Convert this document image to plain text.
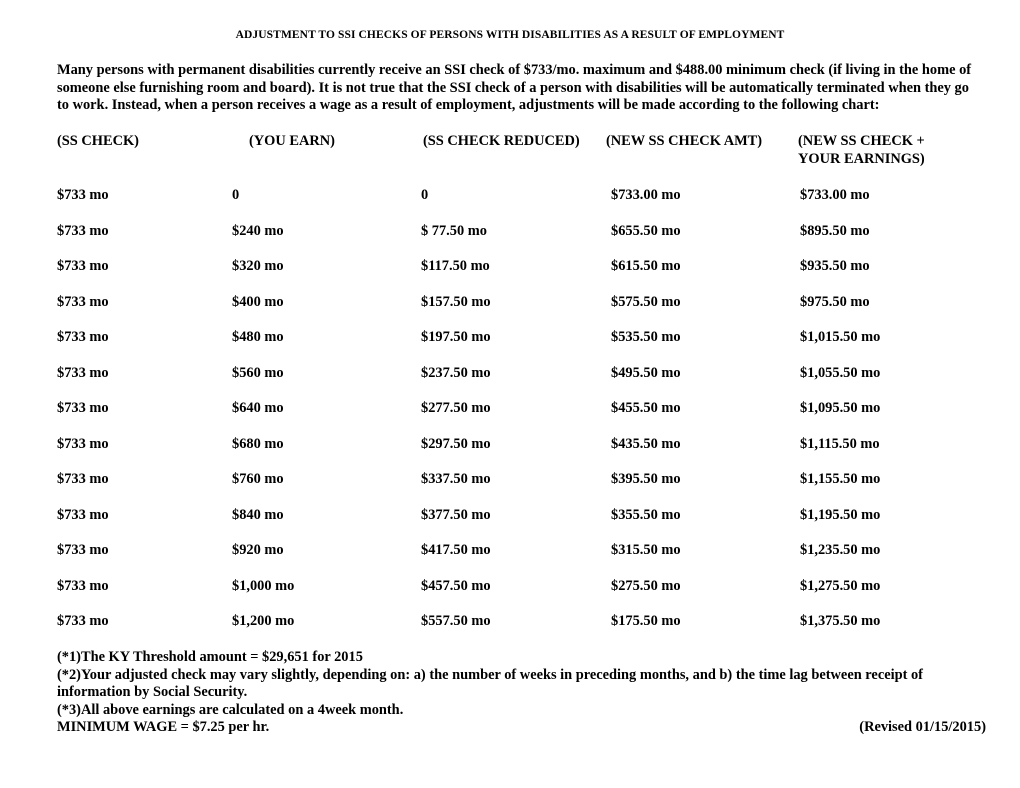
ADJUSTMENT TO SSI CHECKS OF PERSONS WITH DISABILITIES AS A RESULT OF EMPLOYMENT
Many persons with permanent disabilities currently receive an SSI check of $733/mo. maximum and $488.00 minimum check (if living in the home of someone else furnishing room and board). It is not true that the SSI check of a person with disabilities will be automatically terminated when they go to work. Instead, when a person receives a wage as a result of employment, adjustments will be made according to the following chart:
(SS CHECK)	(YOU EARN)	(SS CHECK REDUCED) (NEW SS CHECK AMT) (NEW SS CHECK +
YOUR EARNINGS)
$733 mo	0	0	$733.00 mo	$733.00 mo
$733 mo	$240 mo	$ 77.50 mo	$655.50 mo	$895.50 mo
$733 mo	$320 mo	$117.50 mo	$615.50 mo	$935.50 mo
$733 mo	$400 mo	$157.50 mo	$575.50 mo	$975.50 mo
$733 mo	$480 mo	$197.50 mo	$535.50 mo	$1,015.50 mo
$733 mo	$560 mo	$237.50 mo	$495.50 mo	$1,055.50 mo
$733 mo	$640 mo	$277.50 mo	$455.50 mo	$1,095.50 mo
$733 mo	$680 mo	$297.50 mo	$435.50 mo	$1,115.50 mo
$733 mo	$760 mo	$337.50 mo	$395.50 mo	$1,155.50 mo
$733 mo	$840 mo	$377.50 mo	$355.50 mo	$1,195.50 mo
$733 mo	$920 mo	$417.50 mo	$315.50 mo	$1,235.50 mo
$733 mo	$1,000 mo	$457.50 mo	$275.50 mo	$1,275.50 mo
$733 mo	$1,200 mo	$557.50 mo	$175.50 mo	$1,375.50 mo
(*1)The KY Threshold amount = $29,651 for 2015
(*2)Your adjusted check may vary slightly, depending on: a) the number of weeks in preceding months, and b) the time lag between receipt of information by Social Security.
(*3)All above earnings are calculated on a 4week month.
MINIMUM WAGE = $7.25 per hr.	(Revised 01/15/2015)
